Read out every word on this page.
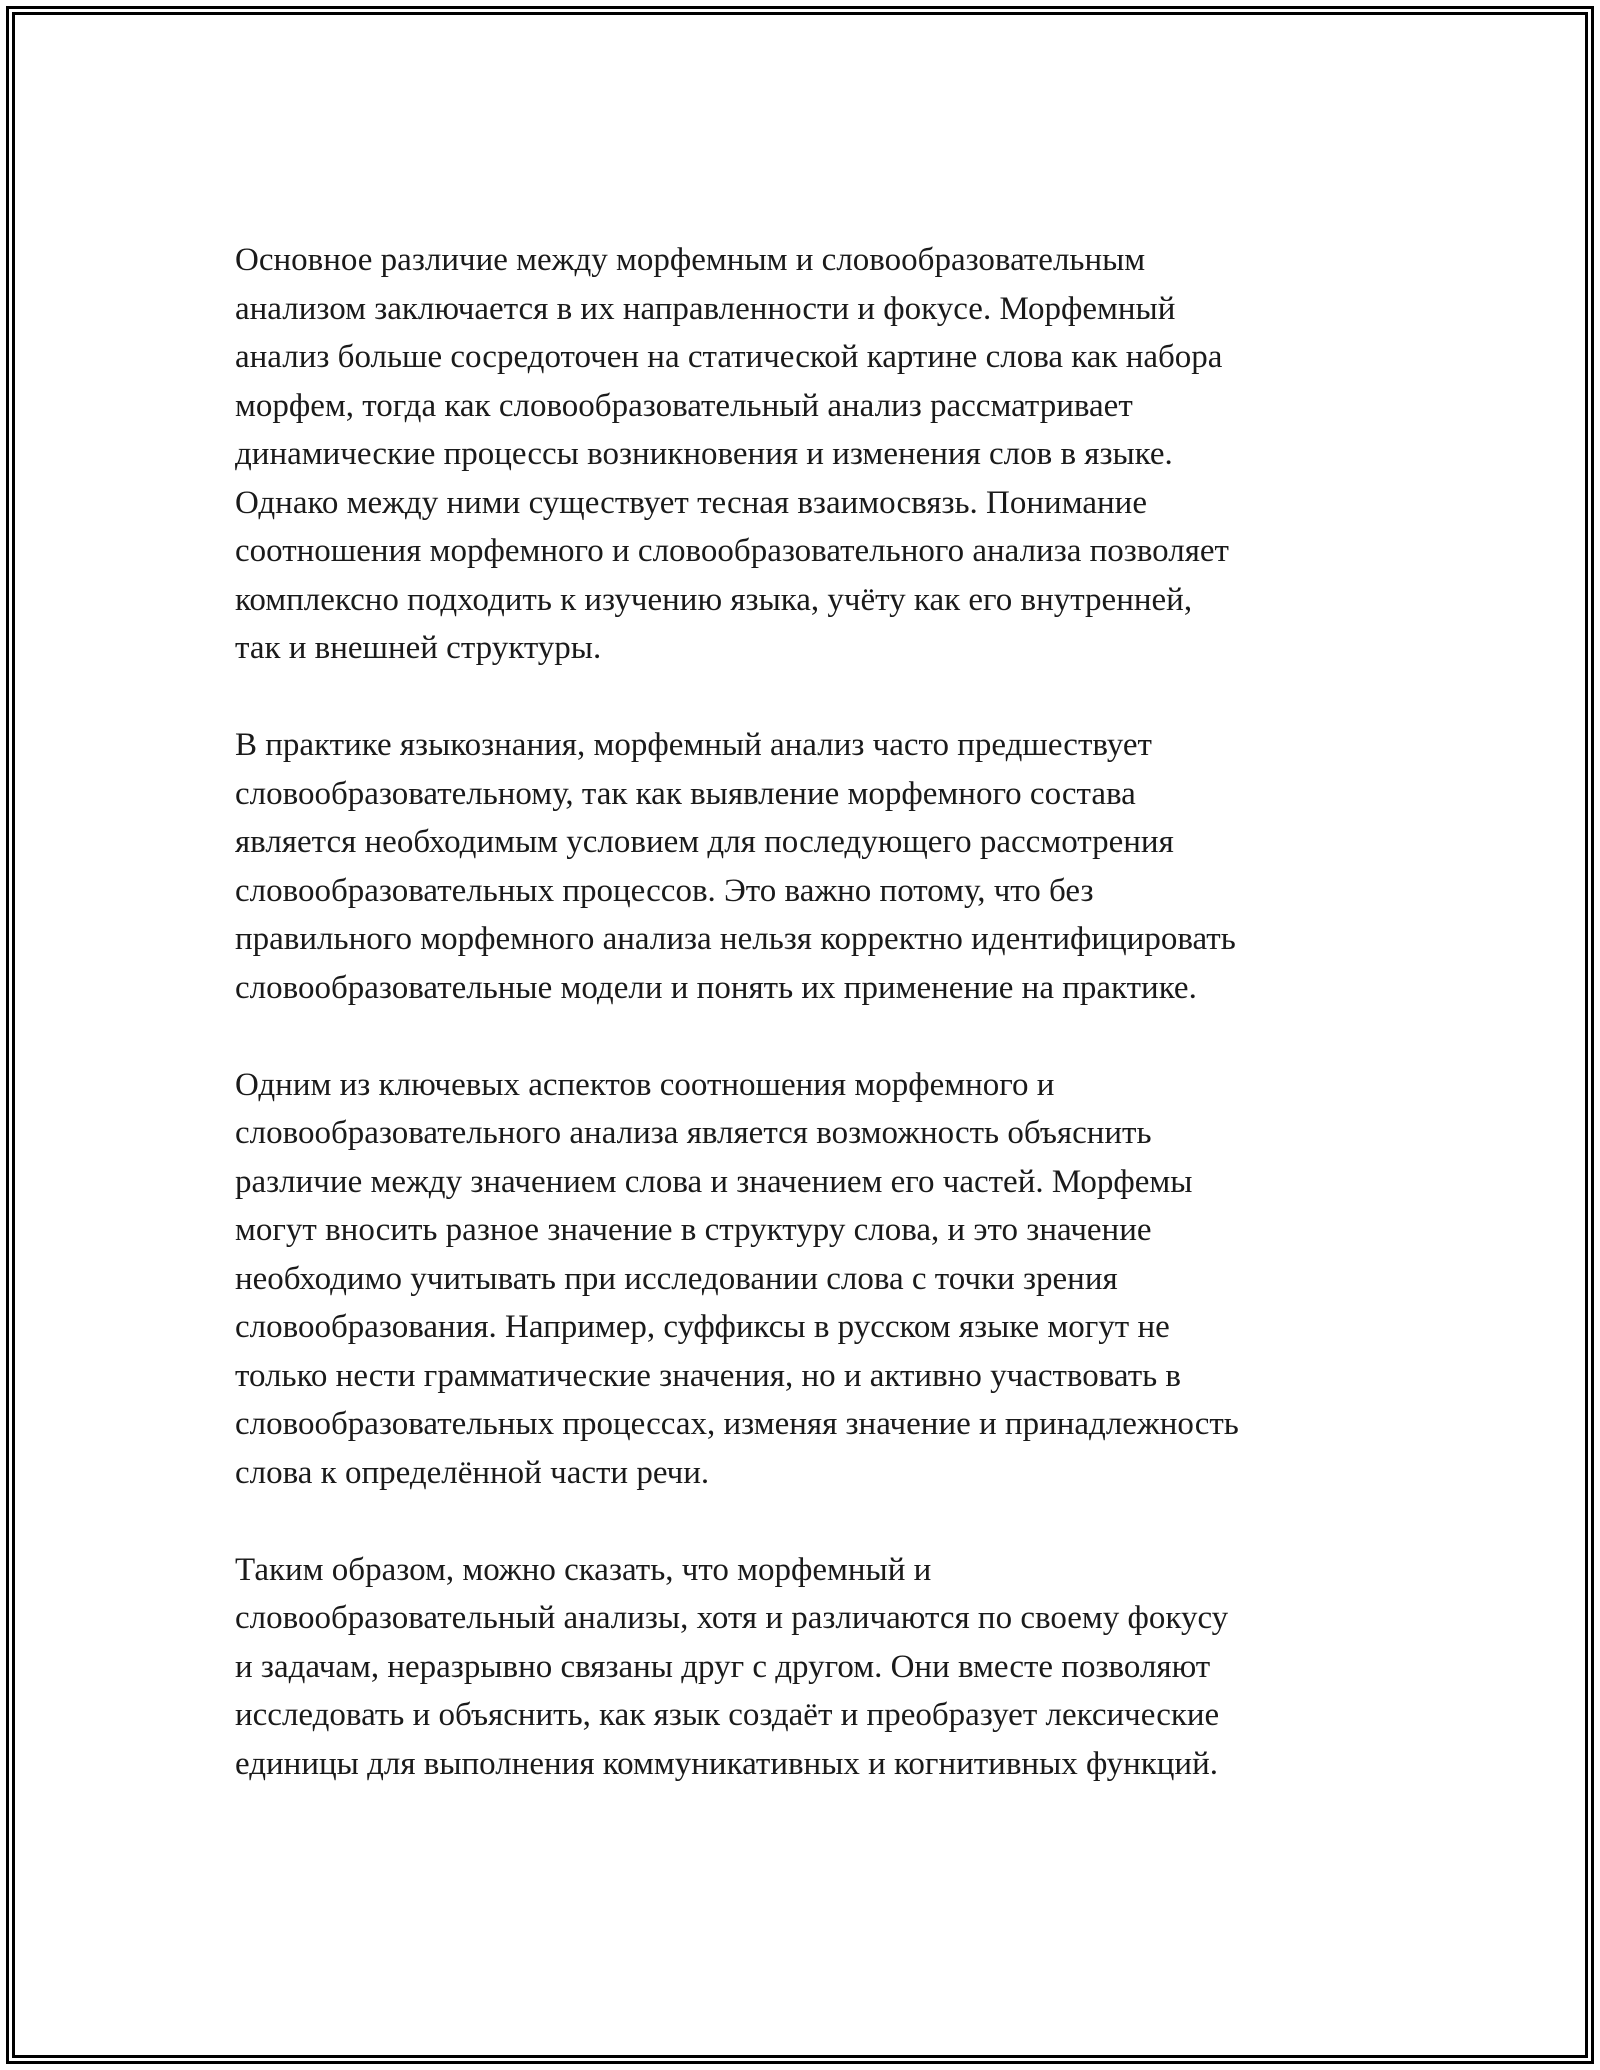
Основное различие между морфемным и словообразовательным
анализом заключается в их направленности и фокусе. Морфемный
анализ больше сосредоточен на статической картине слова как набора
морфем, тогда как словообразовательный анализ рассматривает
динамические процессы возникновения и изменения слов в языке.
Однако между ними существует тесная взаимосвязь. Понимание
соотношения морфемного и словообразовательного анализа позволяет
комплексно подходить к изучению языка, учёту как его внутренней,
так и внешней структуры.

В практике языкознания, морфемный анализ часто предшествует
словообразовательному, так как выявление морфемного состава
является необходимым условием для последующего рассмотрения
словообразовательных процессов. Это важно потому, что без
правильного морфемного анализа нельзя корректно идентифицировать
словообразовательные модели и понять их применение на практике.

Одним из ключевых аспектов соотношения морфемного и
словообразовательного анализа является возможность объяснить
различие между значением слова и значением его частей. Морфемы
могут вносить разное значение в структуру слова, и это значение
необходимо учитывать при исследовании слова с точки зрения
словообразования. Например, суффиксы в русском языке могут не
только нести грамматические значения, но и активно участвовать в
словообразовательных процессах, изменяя значение и принадлежность
слова к определённой части речи.

Таким образом, можно сказать, что морфемный и
словообразовательный анализы, хотя и различаются по своему фокусу
и задачам, неразрывно связаны друг с другом. Они вместе позволяют
исследовать и объяснить, как язык создаёт и преобразует лексические
единицы для выполнения коммуникативных и когнитивных функций.
